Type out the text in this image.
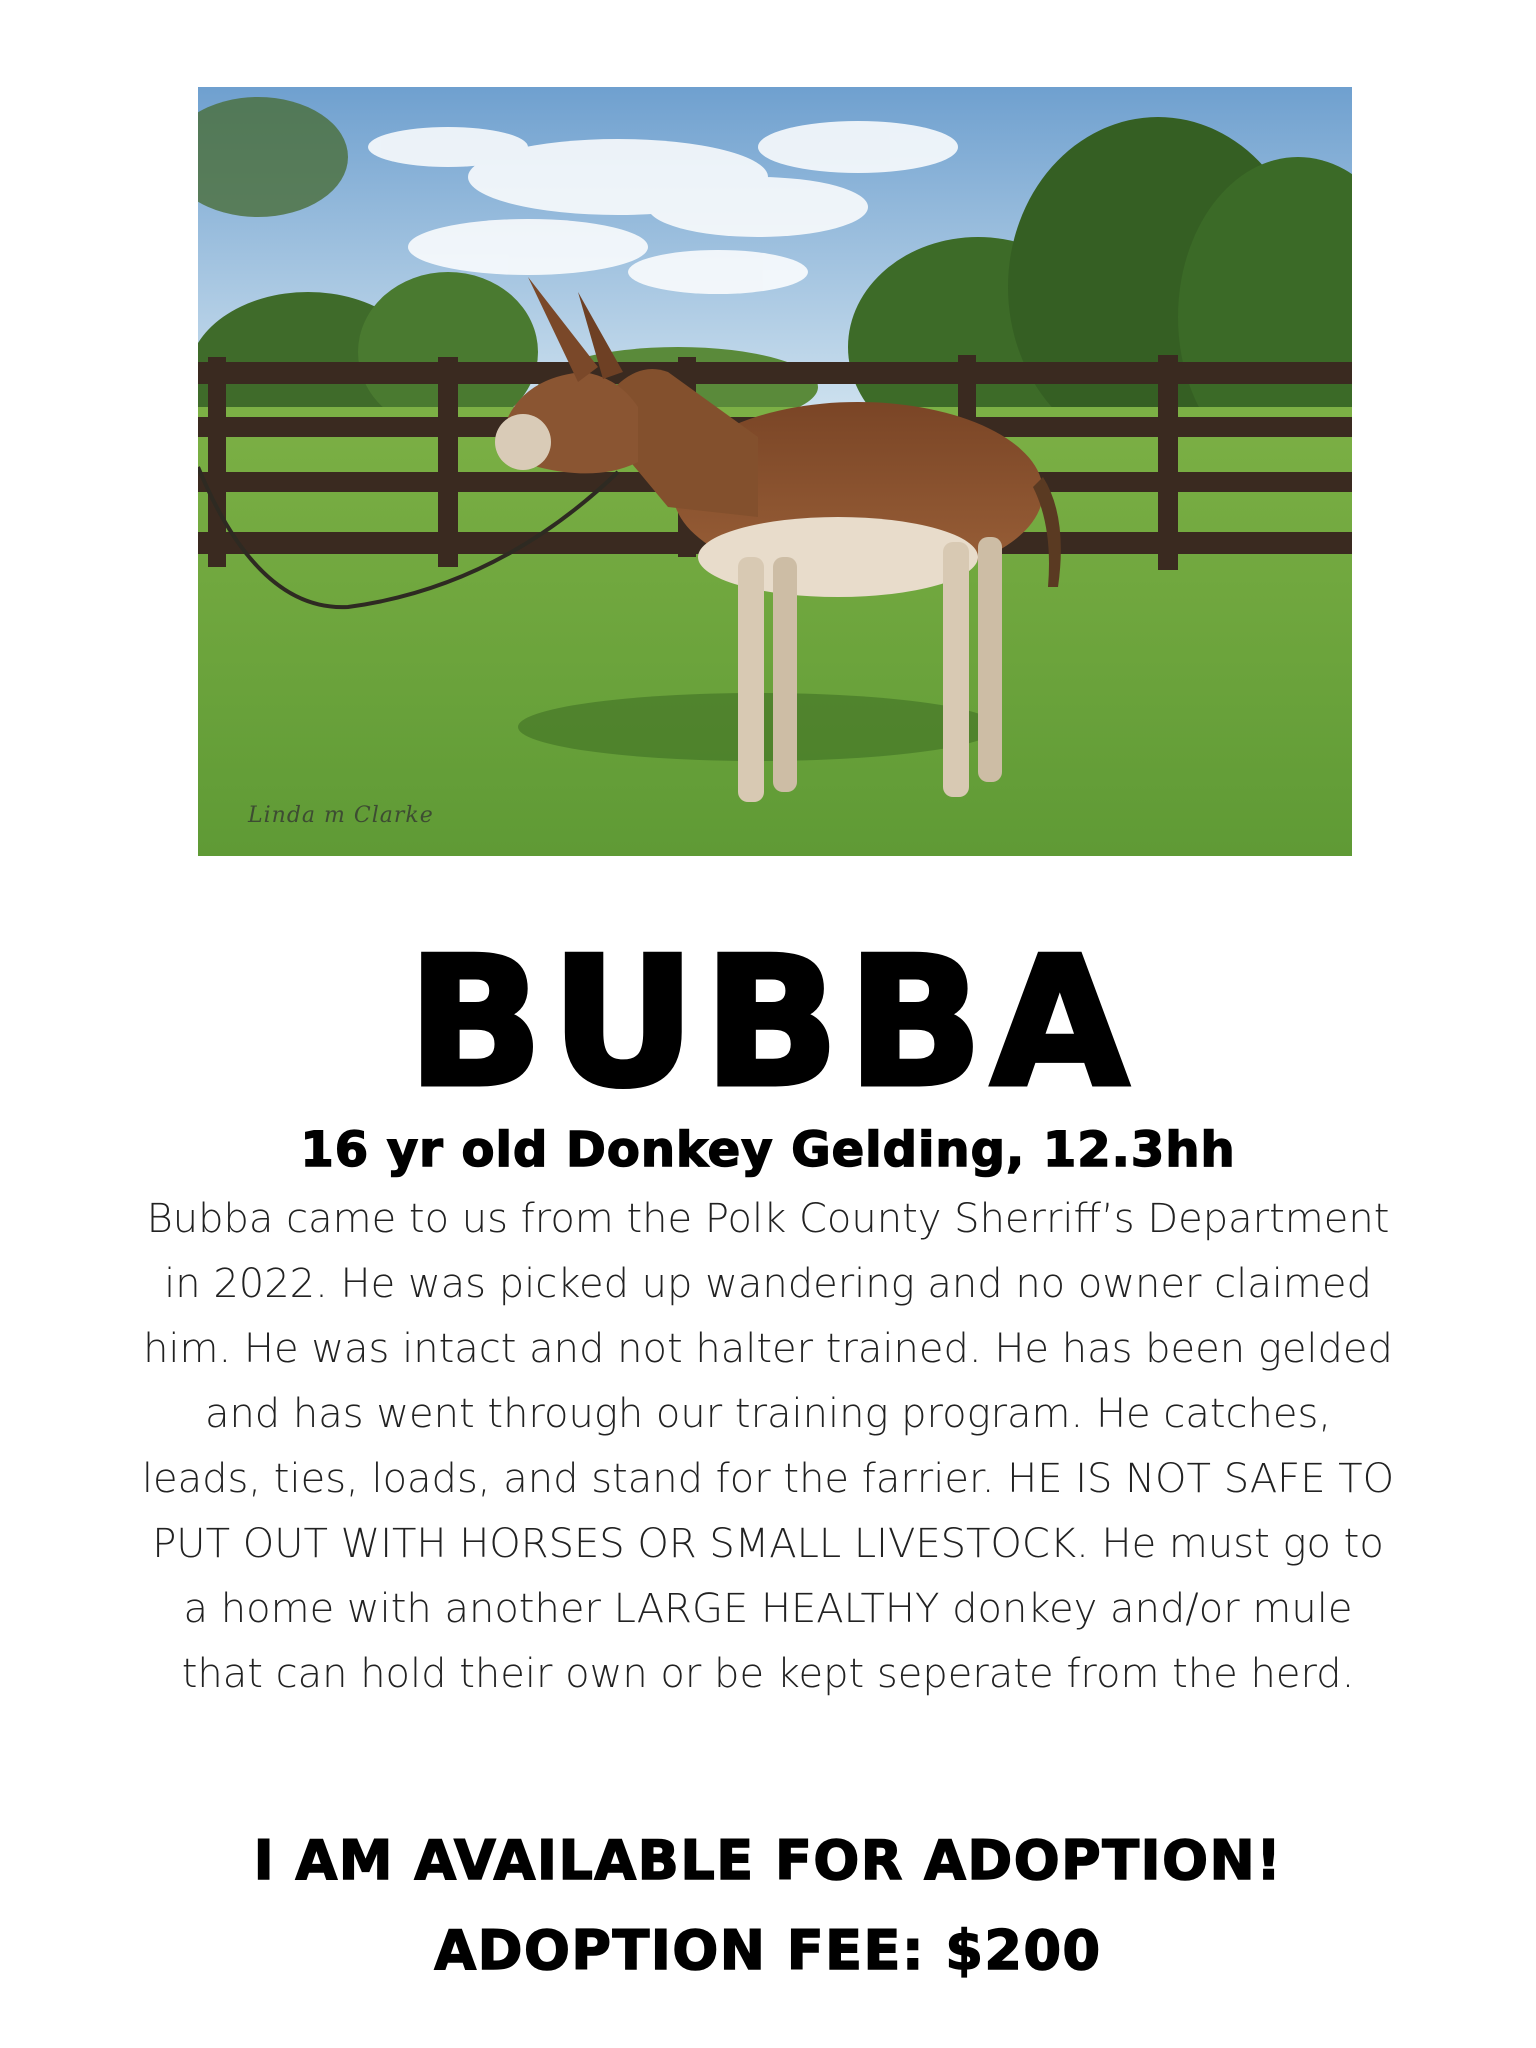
Linda m Clarke
BUBBA
16 yr old Donkey Gelding, 12.3hh
Bubba came to us from the Polk County Sherriff’s Department in 2022. He was picked up wandering and no owner claimed him. He was intact and not halter trained. He has been gelded and has went through our training program. He catches, leads, ties, loads, and stand for the farrier. HE IS NOT SAFE TO PUT OUT WITH HORSES OR SMALL LIVESTOCK. He must go to a home with another LARGE HEALTHY donkey and/or mule that can hold their own or be kept seperate from the herd.
I AM AVAILABLE FOR ADOPTION!
ADOPTION FEE: $200
